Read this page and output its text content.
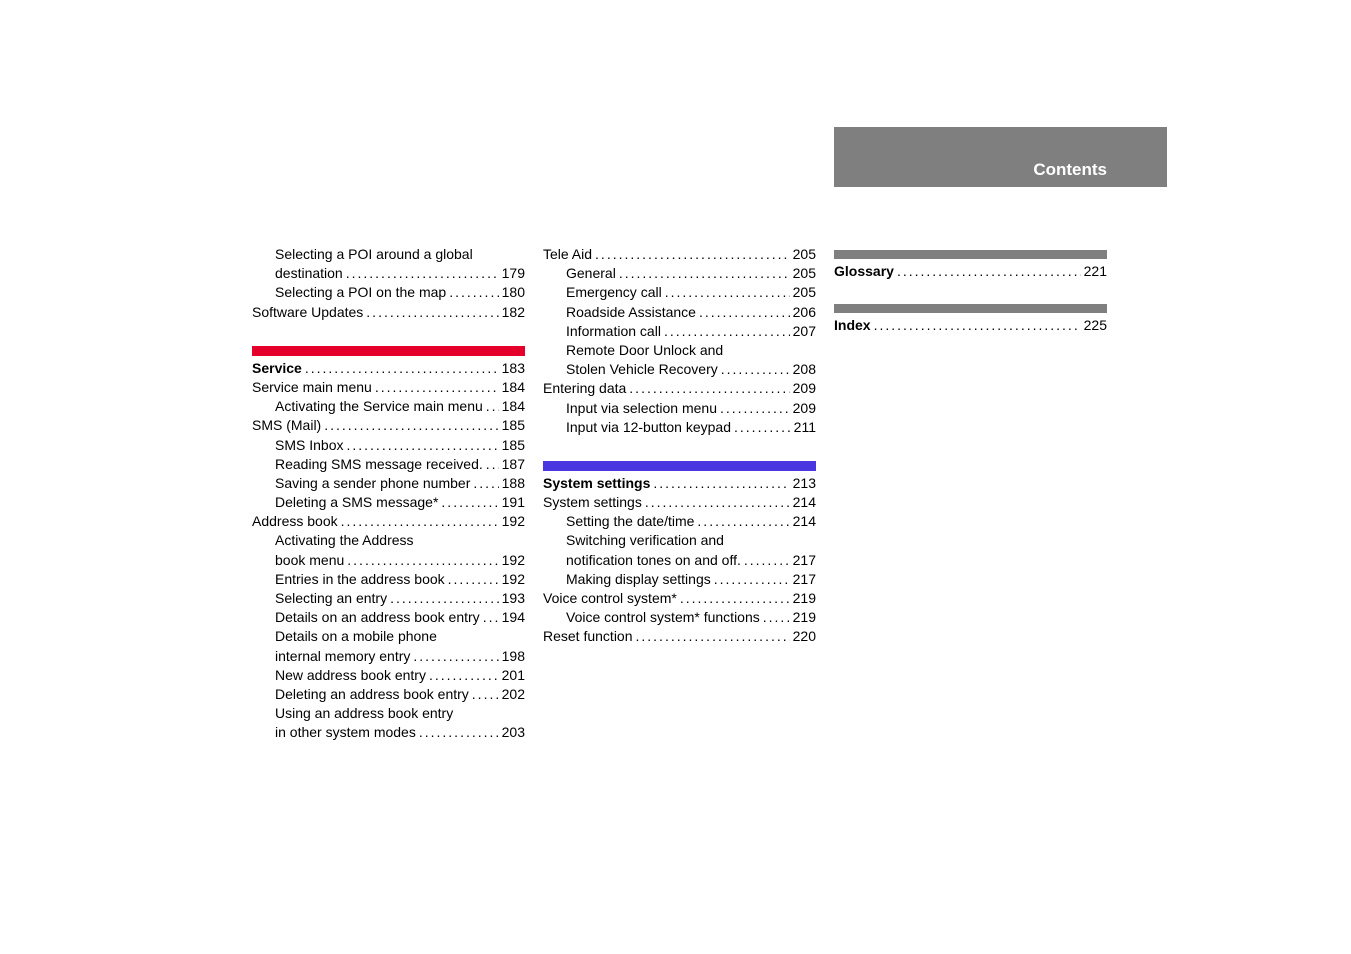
Contents
Selecting a POI around a global
destination .....	179
Selecting a POI on the map .....	180
Software Updates .....	182
Service .....	183
Service main menu .....	184
Activating the Service main menu ..... 184
SMS (Mail) .....	185
SMS Inbox .....	185
Reading SMS message received. ..... 187
Saving a sender phone number ..... 188
Deleting a SMS message* .....	191
Address book .....	192
Activating the Address
book menu .....	192
Entries in the address book .....	192
Selecting an entry .....	193
Details on an address book entry ..... 194
Details on a mobile phone
internal memory entry .....	198
New address book entry .....	201
Deleting an address book entry ..... 202
Using an address book entry
in other system modes .....	203
Tele Aid .....	205
General .....	205
Emergency call .....	205
Roadside Assistance .....	206
Information call .....	207
Remote Door Unlock and
Stolen Vehicle Recovery .....	208
Entering data .....	209
Input via selection menu .....	209
Input via 12-button keypad .....	211
System settings .....	213
System settings .....	214
Setting the date/time .....	214
Switching verification and
notification tones on and off. .....	217
Making display settings .....	217
Voice control system* .....	219
Voice control system* functions ..... 219
Reset function .....	220
Glossary .....	221
Index .....	225
